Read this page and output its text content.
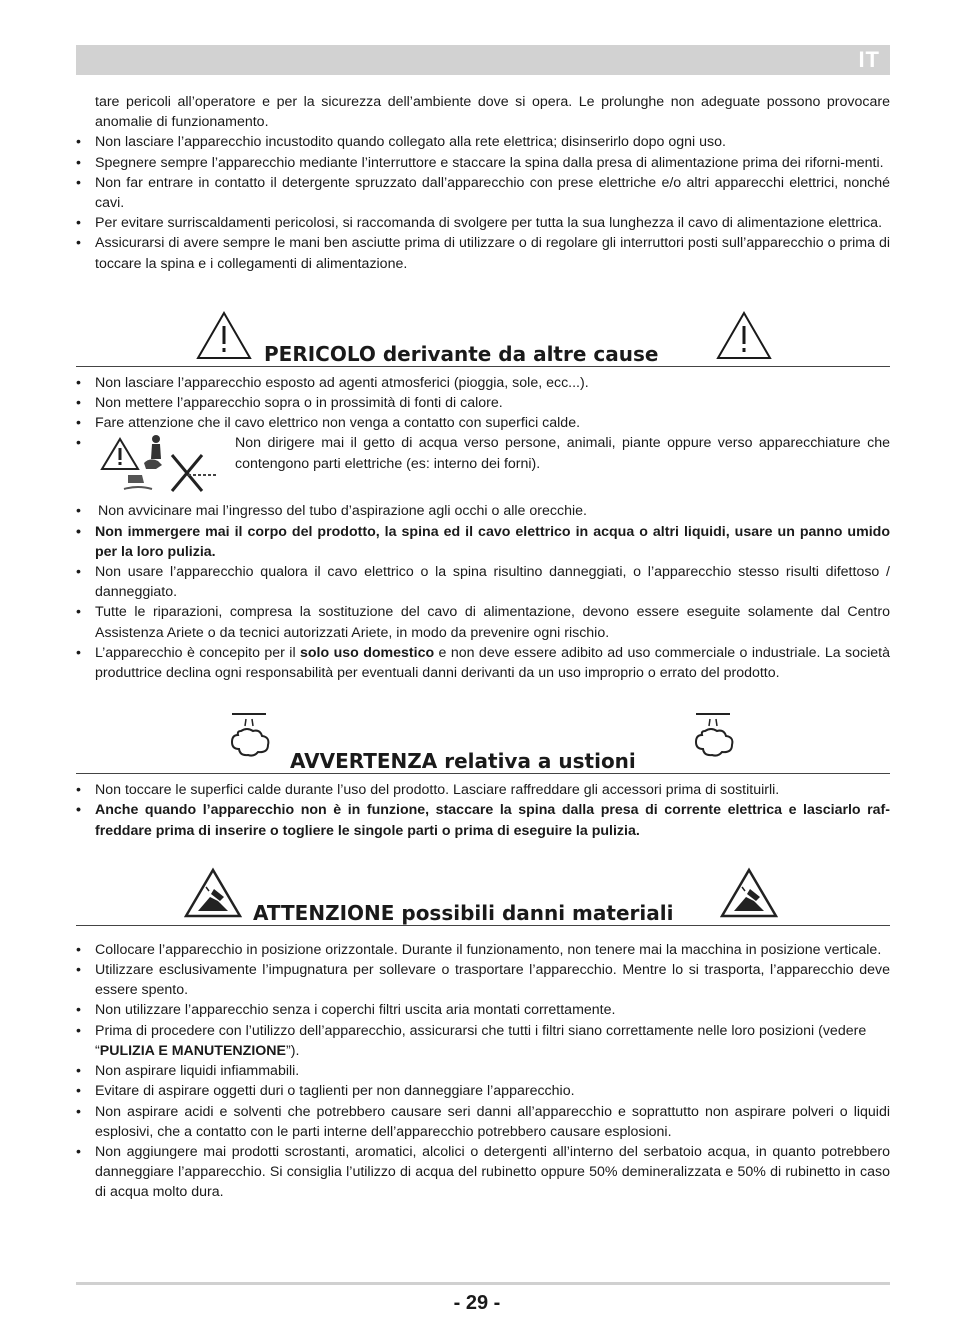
IT

tare pericoli all’operatore e per la sicurezza dell’ambiente dove si opera. Le prolunghe non adeguate possono provocare anomalie di funzionamento.

• Non lasciare l’apparecchio incustodito quando collegato alla rete elettrica; disinserirlo dopo ogni uso.
• Spegnere sempre l’apparecchio mediante l’interruttore e staccare la spina dalla presa di alimentazione prima dei riforni-menti.
• Non far entrare in contatto il detergente spruzzato dall’apparecchio con prese elettriche e/o altri apparecchi elettrici, nonché cavi.
• Per evitare surriscaldamenti pericolosi, si raccomanda di svolgere per tutta la sua lunghezza il cavo di alimentazione elettrica.
• Assicurarsi di avere sempre le mani ben asciutte prima di utilizzare o di regolare gli interruttori posti sull’apparecchio o prima di toccare la spina e i collegamenti di alimentazione.
PERICOLO derivante da altre cause
• Non lasciare l’apparecchio esposto ad agenti atmosferici (pioggia, sole, ecc...).
• Non mettere l’apparecchio sopra o in prossimità di fonti di calore.
• Fare attenzione che il cavo elettrico non venga a contatto con superfici calde.
•	Non dirigere mai il getto di acqua verso persone, animali, piante oppure verso apparecchiature che contengono parti elettriche (es: interno dei forni).
• Non avvicinare mai l’ingresso del tubo d’aspirazione agli occhi o alle orecchie.
• Non immergere mai il corpo del prodotto, la spina ed il cavo elettrico in acqua o altri liquidi, usare un panno umido per la loro pulizia.
• Non usare l’apparecchio qualora il cavo elettrico o la spina risultino danneggiati, o l’apparecchio stesso risulti difettoso / danneggiato.
• Tutte le riparazioni, compresa la sostituzione del cavo di alimentazione, devono essere eseguite solamente dal Centro Assistenza Ariete o da tecnici autorizzati Ariete, in modo da prevenire ogni rischio.
• L’apparecchio è concepito per il solo uso domestico e non deve essere adibito ad uso commerciale o industriale. La società produttrice declina ogni responsabilità per eventuali danni derivanti da un uso improprio o errato del prodotto.
AVVERTENZA relativa a ustioni
• Non toccare le superfici calde durante l’uso del prodotto. Lasciare raffreddare gli accessori prima di sostituirli.
• Anche quando l’apparecchio non è in funzione, staccare la spina dalla presa di corrente elettrica e lasciarlo raf-freddare prima di inserire o togliere le singole parti o prima di eseguire la pulizia.
ATTENZIONE possibili danni materiali
• Collocare l’apparecchio in posizione orizzontale. Durante il funzionamento, non tenere mai la macchina in posizione verticale.
• Utilizzare esclusivamente l’impugnatura per sollevare o trasportare l’apparecchio. Mentre lo si trasporta, l’apparecchio deve essere spento.
• Non utilizzare l’apparecchio senza i coperchi filtri uscita aria montati correttamente.
• Prima di procedere con l’utilizzo dell’apparecchio, assicurarsi che tutti i filtri siano correttamente nelle loro posizioni (vedere “PULIZIA E MANUTENZIONE”).
• Non aspirare liquidi infiammabili.
• Evitare di aspirare oggetti duri o taglienti per non danneggiare l’apparecchio.
• Non aspirare acidi e solventi che potrebbero causare seri danni all’apparecchio e soprattutto non aspirare polveri o liquidi esplosivi, che a contatto con le parti interne dell’apparecchio potrebbero causare esplosioni.
• Non aggiungere mai prodotti scrostanti, aromatici, alcolici o detergenti all’interno del serbatoio acqua, in quanto potrebbero danneggiare l’apparecchio. Si consiglia l’utilizzo di acqua del rubinetto oppure 50% demineralizzata e 50% di rubinetto in caso di acqua molto dura.
- 29 -
